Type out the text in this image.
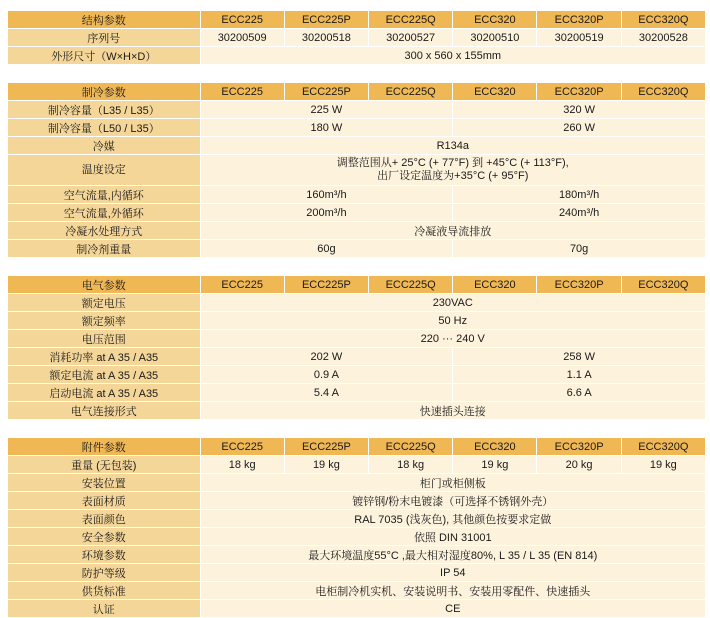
结构参数	ECC225	ECC225P	ECC225Q	ECC320	ECC320P	ECC320Q
序列号	30200509	30200518	30200527	30200510	30200519	30200528
外形尺寸（W×H×D）	300 x 560 x 155mm					
制冷参数	ECC225	ECC225P	ECC225Q	ECC320	ECC320P	ECC320Q
制冷容量（L35 / L35）	225 W			320 W		
制冷容量（L50 / L35）	180 W			260 W		
冷媒	R134a					
温度设定	调整范围从+ 25°C (+ 77°F) 到 +45°C (+ 113°F),
出厂设定温度为+35°C (+ 95°F)					

空气流量,内循环	160m³/h			180m³/h		
空气流量,外循环	200m³/h			240m³/h		
冷凝水处理方式	冷凝液导流排放					
制冷剂重量	60g			70g		
电气参数	ECC225	ECC225P	ECC225Q	ECC320	ECC320P	ECC320Q
额定电压	230VAC					
额定频率	50 Hz					
电压范围	220 ··· 240 V					
消耗功率 at A 35 / A35	202 W			258 W		
额定电流 at A 35 / A35	0.9 A			1.1 A		
启动电流 at A 35 / A35	5.4 A			6.6 A		
电气连接形式	快速插头连接					
附件参数	ECC225	ECC225P	ECC225Q	ECC320	ECC320P	ECC320Q
重量 (无包装)	18 kg	19 kg	18 kg	19 kg	20 kg	19 kg
安装位置	柜门或柜侧板					
表面材质	镀锌钢/粉末电镀漆（可选择不锈钢外壳）					
表面颜色	RAL 7035 (浅灰色), 其他颜色按要求定做					
安全参数	依照 DIN 31001					
环境参数	最大环境温度55°C ,最大相对湿度80%, L 35 / L 35 (EN 814)					
防护等级	IP 54					
供货标准	电柜制冷机实机、安装说明书、安装用零配件、快速插头					
认证	CE					
